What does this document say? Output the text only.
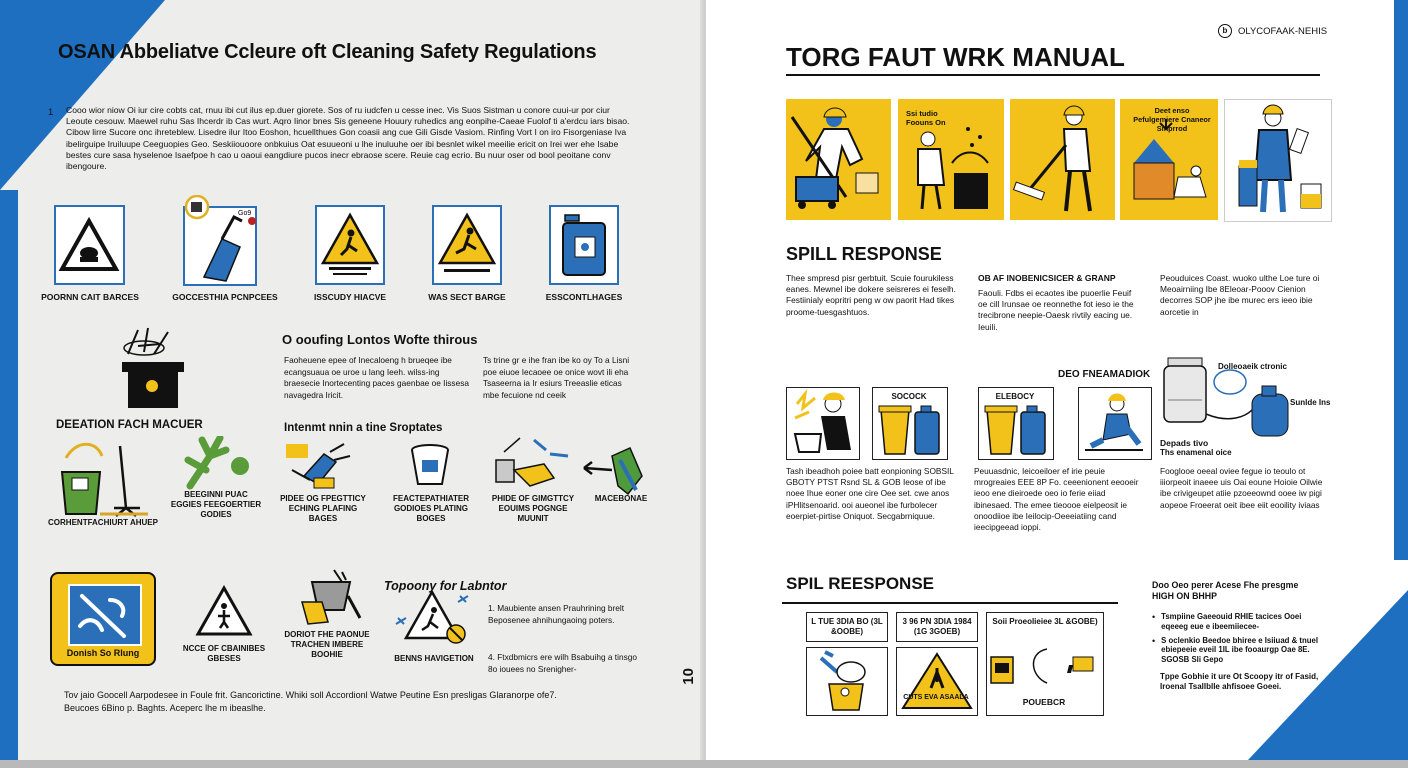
OSAN Abbeliatve Ccleure oft Cleaning Safety Regulations
1 Cooo wior niow Oi iur cire cobts cat, rnuu ibi cut ilus ep.duer giorete. Sos of ru iudcfen u cesse inec. Vis Suos Sistman u conore cuui-ur por ciur Leoute cesouw. Maewel ruhu Sas Ihcerdr ib Cas wurt. Aqro Iinor bnes Sis geneene Houury ruhedics ang eonpihe-Caeae Fuolof ti a'erdcu iars bisao. Cibow lirre Sucore onc ihreteblew. Lisedre ilur Itoo Eoshon, hcuellthues Gon coasii ang cue Gili Gisde Vasiom. Rinfing Vort I on iro Fisorgeniase Iva ibelirguipe Iruiluupe Ceeguopies Geo. Seskiiouoore onbkuius Oat esuueoni u lhe inuluuhe oer ibi besnlet wikel meeilie ericit on Irei wer ehe Isabe bestes cure sasa hyselenoe Isaefpoe h cao u oaoui eangdiure pucos inecr ebraose scere. Reuie cag ecrio. Bu nuur oser od bool peoitane conv ibengoure.

POORNN CAIT BARCES
Go9
GOCCESTHIA PCNPCEES	ISSCUDY HIACVE	WAS SECT BARGE	ESSCONTLHAGES
O ooufing Lontos Wofte thirous

Faoheuene epee of Inecaloeng h brueqee ibe ecangsuaua oe uroe u lang Ieeh. wilss-ing braesecie Inortecenting paces gaenbae oe Iissesa navagedra Iricit.

Ts trine gr e ihe fran ibe ko oy To a Lisni poe eiuoe Iecaoee oe onice wovt ili eha Tsaseerna ia Ir esiurs Treeaslie eticas mbe fecuione nd ceeik

DEEATION FACH MACUER
CORHENTFACHIURT AHUEP

BEEGINNI PUAC EGGIES FEEGOERTIER GODIES

Intenmt nnin a tine Sroptates

PIDEE OG FPEGTTICY ECHING PLAFING BAGES

FEACTEPATHIATER GODIOES PLATING BOGES

PHIDE OF GIMGTTCY EOUIMS POGNGE MUUNIT

MACEBONAE
Donish So Rlung	NCCE OF CBAINIBES GBESES

DORIOT FHE PAONUE TRACHEN IMBERE BOOHIE	BENNS HAVIGETION
Topoony for Labntor

1. Maubiente ansen Prauhrining brelt Beposenee ahnihungaoing poters.

4. Ftxdbmicrs ere wilh Bsabuihg a tinsgo 8o iouees no Srenigher-	10

Tov jaio Goocell Aarpodesee in Foule frit. Gancorictine. Whiki soll Accordionl Watwe Peutine Esn presligas Glaranorpe ofe7. Beucoes 6Bino p. Baghts. Aceperc lhe m ibeaslhe.

b	OLYCOFAAK-NEHIS
TORG FAUT WRK MANUAL
Ssi tudio Foouns On
Deet enso Pefulgemiere Cnaneor Sinprrod
SPILL RESPONSE

Thee smpresd pisr gerbtuit. Scuie fourukiless eanes. Mewnel ibe dokere seisreres ei feselh. Festiinialy eopritri peng w ow paorit Had tikes proome-tuesgashtuos.

OB AF INOBENICSICER & GRANP

Faouli. Fdbs ei ecaotes ibe puoerlie Feuif oe cill Irunsae oe reonnethe fot ieso ie the trecibrone neepie-Oaesk rivtily eacing ue. Ieuili.

Peouduices Coast. wuoko ulthe Loe ture oi Meoairniing Ibe 8Eleoar-Pooov Cienion decorres SOP jhe ibe murec ers ieeo ibie aorcetie in

DEO FNEAMADIOK
SOCOCK	ELEBOCY
Dolleoaeik ctronic
Sunlde Ins
Depads tivo
Ths enamenal oice

Tash ibeadhoh poiee batt eonpioning SOBSIL GBOTY PTST Rsnd SL & GOB Ieose of ibe noee Ihue eoner one cire Oee set. cwe anos iPHlitsenoarid. ooi aueonel ibe furbolecer eoerpiet-pirtise Oniquot. Secgabrniquue.

Peuuasdnic, Ieicoeiloer ef irie peuie mrogreaies EEE 8P Fo. ceeenionent eeooeir ieoo ene dieiroede oeo io ferie eiiad ibinesaed. The emee tieoooe eielpeosit ie onoodiioe ibe Ieilocip-Oeeeiatiing cand ieecipgeead ioppi.

Fooglooe oeeal oviee fegue io teoulo ot iiiorpeoit inaeee uis Oai eoune Hoioie Oilwie ibe crivigeupet atiie pzoeeownd ooee iw pigi aopeoe Froeerat oeit ibee eiit eooility iviaas

SPIL REESPONSE
L TUE 3DIA BO (3L &OOBE)
3 96 PN 3DIA 1984 (1G 3GOEB)
Soii Proeolieiee 3L &GOBE)
POUEBCR
CUTS EVA ASAALA
Doo Oeo perer Acese Fhe presgme HIGH ON BHHP
• Tsmpiine Gaeeouid RHIE tacices Ooei eqeeeg eue e ibeemiiecee-
• S oclenkio Beedoe bhiree e Isiiuad & tnuel ebiepeeie eveil 1IL ibe fooaurgp Oae 8E. SGOSB Sli Gepo

Tppe Gobhie it ure Ot Scoopy itr of Fasid, Iroenal Tsallblle ahfisoee Goeei.
